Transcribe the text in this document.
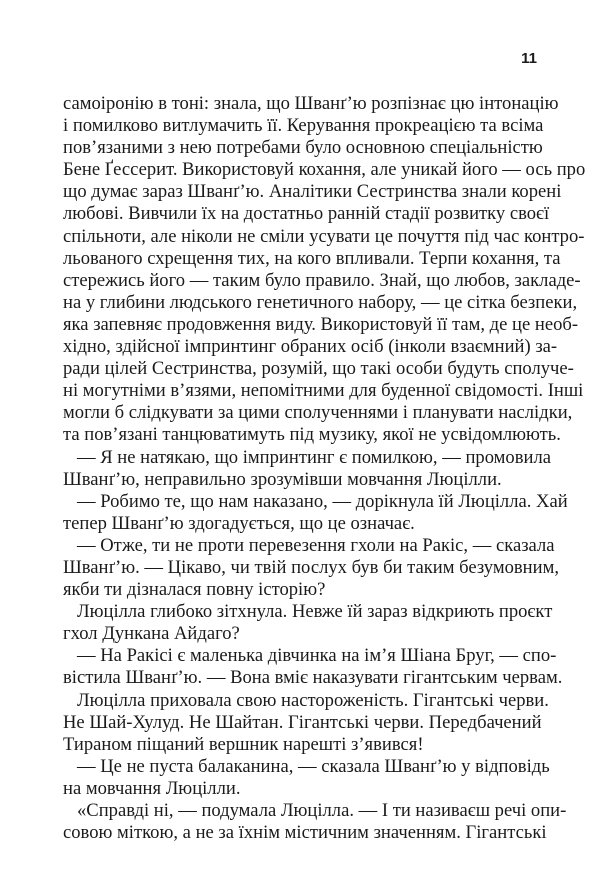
11
самоіронію в тоні: знала, що Шванґ’ю розпізнає цю інтонацію
і помилково витлумачить її. Керування прокреацією та всіма
пов’язаними з нею потребами було основною спеціальністю
Бене Ґессерит. Використовуй кохання, але уникай його — ось про
що думає зараз Шванґ’ю. Аналітики Сестринства знали корені
любові. Вивчили їх на достатньо ранній стадії розвитку своєї
спільноти, але ніколи не сміли усувати це почуття під час контро-
льованого схрещення тих, на кого впливали. Терпи кохання, та
стережись його — таким було правило. Знай, що любов, закладе-
на у глибини людського генетичного набору, — це сітка безпеки,
яка запевняє продовження виду. Використовуй її там, де це необ-
хідно, здійсної імпринтинг обраних осіб (інколи взаємний) за-
ради цілей Сестринства, розумій, що такі особи будуть сполуче-
ні могутніми в’язями, непомітними для буденної свідомості. Інші
могли б слідкувати за цими сполученнями і планувати наслідки,
та пов’язані танцюватимуть під музику, якої не усвідомлюють.
— Я не натякаю, що імпринтинг є помилкою, — промовила
Шванґ’ю, неправильно зрозумівши мовчання Люцілли.
— Робимо те, що нам наказано, — дорікнула їй Люцілла. Хай
тепер Шванґ’ю здогадується, що це означає.
— Отже, ти не проти перевезення гхоли на Ракіс, — сказала
Шванґ’ю. — Цікаво, чи твій послух був би таким безумовним,
якби ти дізналася повну історію?
Люцілла глибоко зітхнула. Невже їй зараз відкриють проєкт
гхол Дункана Айдаго?
— На Ракісі є маленька дівчинка на ім’я Шіана Бруг, — спо-
вістила Шванґ’ю. — Вона вміє наказувати гігантським червам.
Люцілла приховала свою настороженість. Гігантські черви.
Не Шай-Хулуд. Не Шайтан. Гігантські черви. Передбачений
Тираном піщаний вершник нарешті з’явився!
— Це не пуста балаканина, — сказала Шванґ’ю у відповідь
на мовчання Люцілли.
«Справді ні, — подумала Люцілла. — І ти називаєш речі опи-
совою міткою, а не за їхнім містичним значенням. Гігантські
